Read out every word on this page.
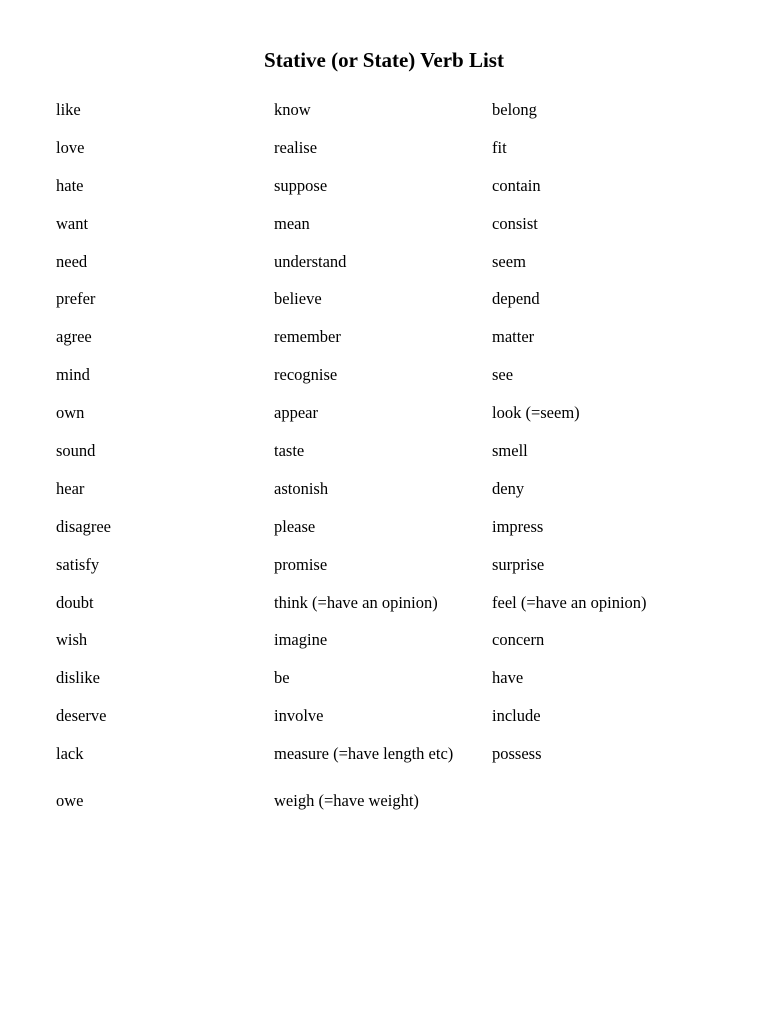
Stative (or State) Verb List
like
love
hate
want
need
prefer
agree
mind
own
sound
hear
disagree
satisfy
doubt
wish
dislike
deserve
lack
owe
know
realise
suppose
mean
understand
believe
remember
recognise
appear
taste
astonish
please
promise
think (=have an opinion)
imagine
be
involve
measure (=have length etc)
weigh (=have weight)
belong
fit
contain
consist
seem
depend
matter
see
look (=seem)
smell
deny
impress
surprise
feel (=have an opinion)
concern
have
include
possess
